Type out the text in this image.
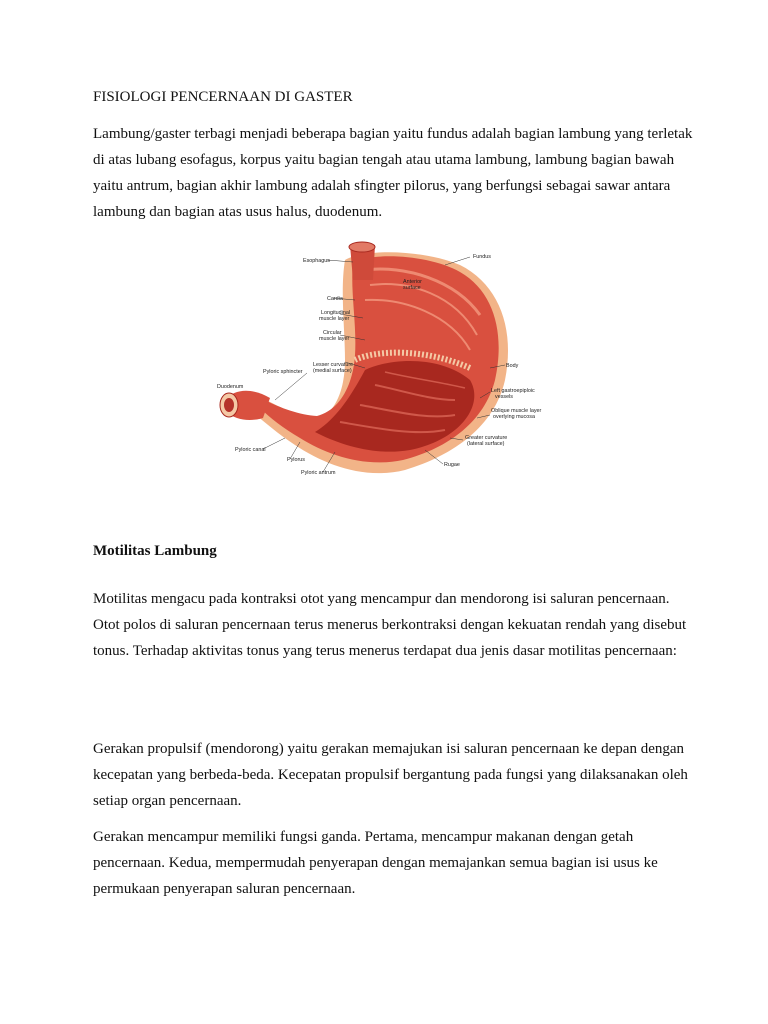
FISIOLOGI PENCERNAAN DI GASTER
Lambung/gaster terbagi menjadi beberapa bagian yaitu fundus adalah bagian lambung yang terletak di atas lubang esofagus, korpus yaitu bagian tengah atau utama lambung, lambung bagian bawah yaitu antrum, bagian akhir lambung adalah sfingter pilorus, yang berfungsi sebagai sawar antara lambung dan bagian atas usus halus, duodenum.
Esophagus
Fundus
Anterior
surface
Cardia
Longitudinal
muscle layer
Circular
muscle layer
Lesser curvature
(medial surface)
Pyloric sphincter
Body
Duodenum
Left gastroepiploic
vessels
Oblique muscle layer
overlying mucosa
Greater curvature
(lateral surface)
Pyloric canal
Pylorus
Rugae
Pyloric antrum
Motilitas Lambung
Motilitas mengacu pada kontraksi otot yang mencampur dan mendorong isi saluran pencernaan. Otot polos di saluran pencernaan terus menerus berkontraksi dengan kekuatan rendah yang disebut tonus. Terhadap aktivitas tonus yang terus menerus terdapat dua jenis dasar motilitas pencernaan:
Gerakan propulsif (mendorong) yaitu gerakan memajukan isi saluran pencernaan ke depan dengan kecepatan yang berbeda-beda. Kecepatan propulsif bergantung pada fungsi yang dilaksanakan oleh setiap organ pencernaan.
Gerakan mencampur memiliki fungsi ganda. Pertama, mencampur makanan dengan getah pencernaan. Kedua, mempermudah penyerapan dengan memajankan semua bagian isi usus ke permukaan penyerapan saluran pencernaan.
